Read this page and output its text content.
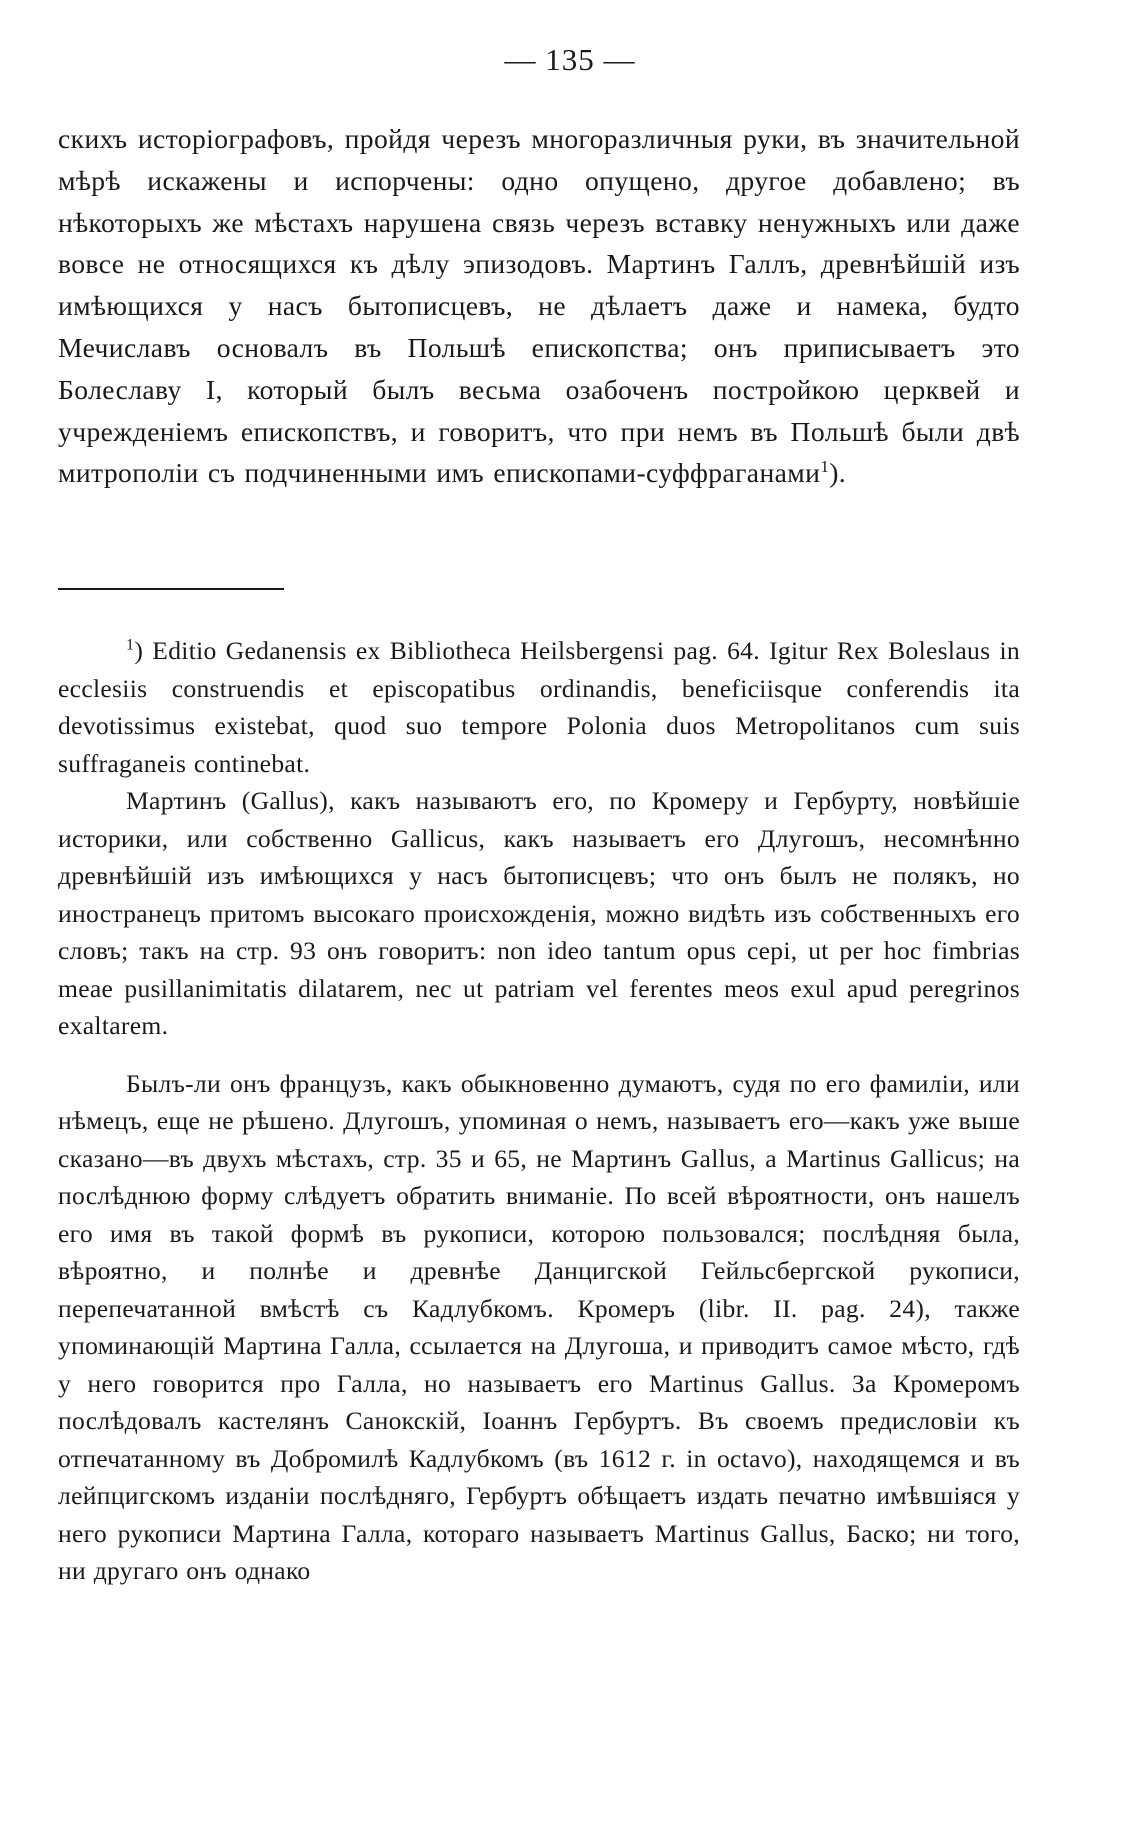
— 135 —

скихъ исторіографовъ, пройдя черезъ многоразличныя руки, въ значительной мѣрѣ искажены и испорчены: одно опущено, другое добавлено; въ нѣкоторыхъ же мѣстахъ нарушена связь черезъ вставку ненужныхъ или даже вовсе не относящихся къ дѣлу эпизодовъ. Мартинъ Галлъ, древнѣйшій изъ имѣющихся у насъ бытописцевъ, не дѣлаетъ даже и намека, будто Мечиславъ основалъ въ Польшѣ епископства; онъ приписываетъ это Болеславу I, который былъ весьма озабоченъ постройкою церквей и учрежденіемъ епископствъ, и говоритъ, что при немъ въ Польшѣ были двѣ митрополіи съ подчиненными имъ епископами-суффраганами$^1$).

$^1$) Editio Gedanensis ex Bibliotheca Heilsbergensi pag. 64. Igitur Rex Boleslaus in ecclesiis construendis et episcopatibus ordinandis, beneficiisque conferendis ita devotissimus existebat, quod suo tempore Polonia duos Metropolitanos cum suis suffraganeis continebat.

Мартинъ (Gallus), какъ называютъ его, по Кромеру и Гербурту, новѣйшіе историки, или собственно Gallicus, какъ называетъ его Длугошъ, несомнѣнно древнѣйшій изъ имѣющихся у насъ бытописцевъ; что онъ былъ не полякъ, но иностранецъ притомъ высокаго происхожденія, можно видѣть изъ собственныхъ его словъ; такъ на стр. 93 онъ говоритъ: non ideo tantum opus cepi, ut per hoc fimbrias meae pusillanimitatis dilatarem, nec ut patriam vel ferentes meos exul apud peregrinos exaltarem.

Былъ-ли онъ французъ, какъ обыкновенно думаютъ, судя по его фамиліи, или нѣмецъ, еще не рѣшено. Длугошъ, упоминая о немъ, называетъ его—какъ уже выше сказано—въ двухъ мѣстахъ, стр. 35 и 65, не Мартинъ Gallus, а Martinus Gallicus; на послѣднюю форму слѣдуетъ обратить вниманіе. По всей вѣроятности, онъ нашелъ его имя въ такой формѣ въ рукописи, которою пользовался; послѣдняя была, вѣроятно, и полнѣе и древнѣе Данцигской Гейльсбергской рукописи, перепечатанной вмѣстѣ съ Кадлубкомъ. Кромеръ (libr. II. pag. 24), также упоминающій Мартина Галла, ссылается на Длугоша, и приводитъ самое мѣсто, гдѣ у него говорится про Галла, но называетъ его Martinus Gallus. За Кромеромъ послѣдовалъ кастелянъ Санокскій, Іоаннъ Гербуртъ. Въ своемъ предисловіи къ отпечатанному въ Добромилѣ Кадлубкомъ (въ 1612 г. in octavo), находящемся и въ лейпцигскомъ изданіи послѣдняго, Гербуртъ обѣщаетъ издать печатно имѣвшіяся у него рукописи Мартина Галла, котораго называетъ Martinus Gallus, Баско; ни того, ни другаго онъ однако
